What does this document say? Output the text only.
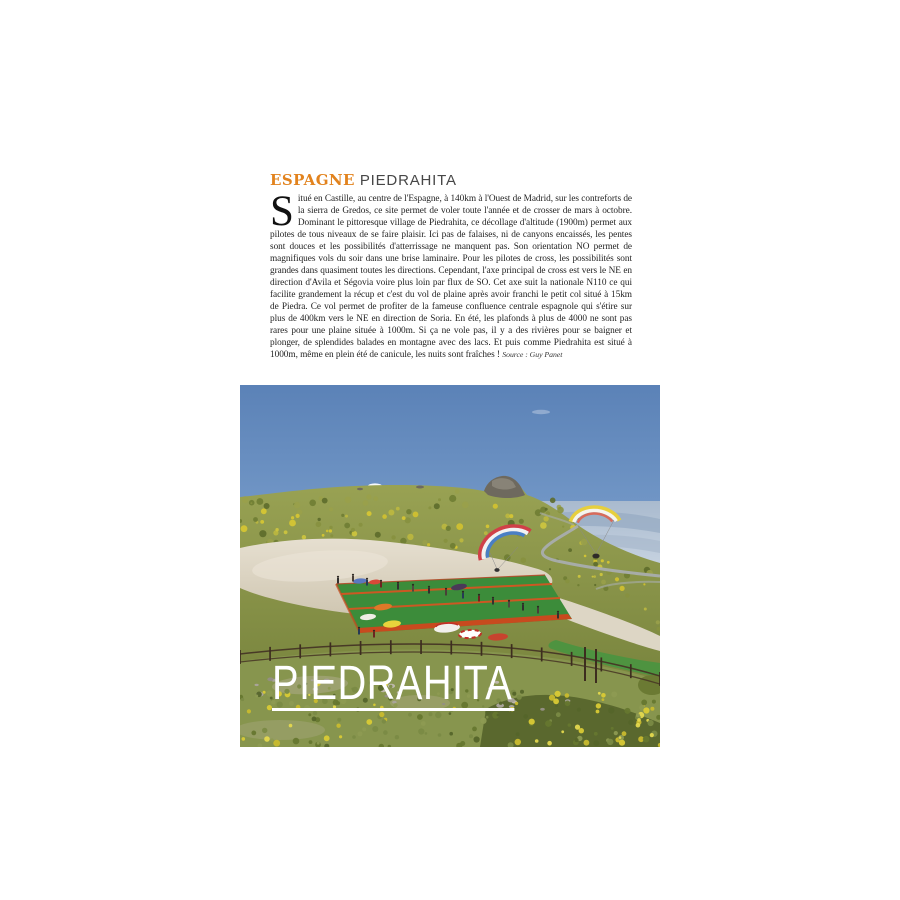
ESPAGNE PIEDRAHITA

Situé en Castille, au centre de l'Espagne, à 140km à l'Ouest de Madrid, sur les contreforts de la sierra de Gredos, ce site permet de voler toute l'année et de crosser de mars à octobre. Dominant le pittoresque village de Piedrahita, ce décollage d'altitude (1900m) permet aux pilotes de tous niveaux de se faire plaisir. Ici pas de falaises, ni de canyons encaissés, les pentes sont douces et les possibilités d'atterrissage ne manquent pas. Son orientation NO permet de magnifiques vols du soir dans une brise laminaire. Pour les pilotes de cross, les possibilités sont grandes dans quasiment toutes les directions. Cependant, l'axe principal de cross est vers le NE en direction d'Avila et Ségovia voire plus loin par flux de SO. Cet axe suit la nationale N110 ce qui facilite grandement la récup et c'est du vol de plaine après avoir franchi le petit col situé à 15km de Piedra. Ce vol permet de profiter de la fameuse confluence centrale espagnole qui s'étire sur plus de 400km vers le NE en direction de Soria. En été, les plafonds à plus de 4000 ne sont pas rares pour une plaine située à 1000m. Si ça ne vole pas, il y a des rivières pour se baigner et plonger, de splendides balades en montagne avec des lacs. Et puis comme Piedrahita est situé à 1000m, même en plein été de canicule, les nuits sont fraîches ! Source : Guy Panet

PIEDRAHITA
